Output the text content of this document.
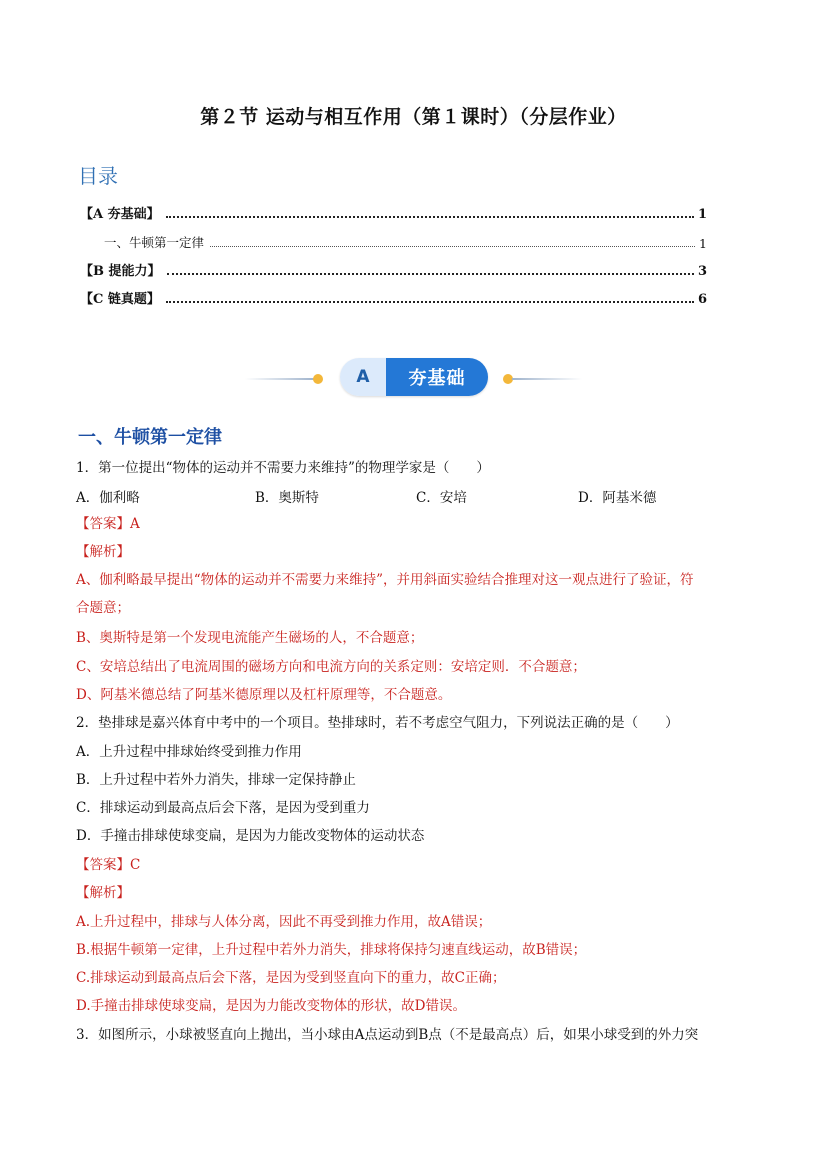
第２节 运动与相互作用（第１课时）（分层作业）
目录
【A 夯基础】	1
一、牛顿第一定律	1
【B 提能力】	3
【C 链真题】	6
A	夯基础
一、牛顿第一定律
1．第一位提出“物体的运动并不需要力来维持”的物理学家是（　　）
A．伽利略	B．奥斯特	C．安培	D．阿基米德
【答案】A
【解析】
A、伽利略最早提出“物体的运动并不需要力来维持”，并用斜面实验结合推理对这一观点进行了验证，符
合题意；
B、奥斯特是第一个发现电流能产生磁场的人，不合题意；
C、安培总结出了电流周围的磁场方向和电流方向的关系定则：安培定则．不合题意；
D、阿基米德总结了阿基米德原理以及杠杆原理等，不合题意。
2．垫排球是嘉兴体育中考中的一个项目。垫排球时，若不考虑空气阻力，下列说法正确的是（　　）
A．上升过程中排球始终受到推力作用
B．上升过程中若外力消失，排球一定保持静止
C．排球运动到最高点后会下落，是因为受到重力
D．手撞击排球使球变扁，是因为力能改变物体的运动状态
【答案】C
【解析】
A.上升过程中，排球与人体分离，因此不再受到推力作用，故A错误；
B.根据牛顿第一定律，上升过程中若外力消失，排球将保持匀速直线运动，故B错误；
C.排球运动到最高点后会下落，是因为受到竖直向下的重力，故C正确；
D.手撞击排球使球变扁，是因为力能改变物体的形状，故D错误。
3．如图所示，小球被竖直向上抛出，当小球由A点运动到B点（不是最高点）后，如果小球受到的外力突
